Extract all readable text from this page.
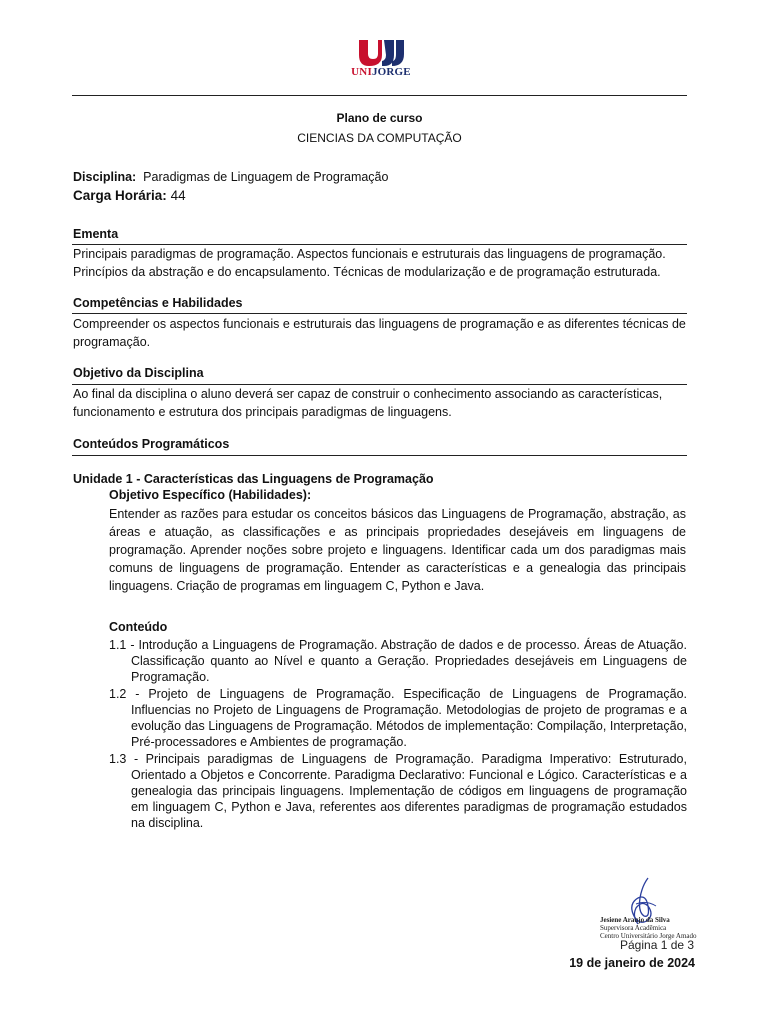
UNIJORGE
Plano de curso
CIENCIAS DA COMPUTAÇÃO
Disciplina: Paradigmas de Linguagem de Programação
Carga Horária: 44
Ementa
Principais paradigmas de programação. Aspectos funcionais e estruturais das linguagens de programação. Princípios da abstração e do encapsulamento. Técnicas de modularização e de programação estruturada.
Competências e Habilidades
Compreender os aspectos funcionais e estruturais das linguagens de programação e as diferentes técnicas de programação.
Objetivo da Disciplina
Ao final da disciplina o aluno deverá ser capaz de construir o conhecimento associando as características, funcionamento e estrutura dos principais paradigmas de linguagens.
Conteúdos Programáticos
Unidade 1 - Características das Linguagens de Programação
Objetivo Específico (Habilidades):
Entender as razões para estudar os conceitos básicos das Linguagens de Programação, abstração, as áreas e atuação, as classificações e as principais propriedades desejáveis em linguagens de programação. Aprender noções sobre projeto e linguagens. Identificar cada um dos paradigmas mais comuns de linguagens de programação. Entender as características e a genealogia das principais linguagens. Criação de programas em linguagem C, Python e Java.
Conteúdo

1.1 - Introdução a Linguagens de Programação. Abstração de dados e de processo. Áreas de Atuação. Classificação quanto ao Nível e quanto a Geração. Propriedades desejáveis em Linguagens de Programação.

1.2 - Projeto de Linguagens de Programação. Especificação de Linguagens de Programação. Influencias no Projeto de Linguagens de Programação. Metodologias de projeto de programas e a evolução das Linguagens de Programação. Métodos de implementação: Compilação, Interpretação, Pré-processadores e Ambientes de programação.

1.3 - Principais paradigmas de Linguagens de Programação. Paradigma Imperativo: Estruturado, Orientado a Objetos e Concorrente. Paradigma Declarativo: Funcional e Lógico. Características e a genealogia das principais linguagens. Implementação de códigos em linguagens de programação em linguagem C, Python e Java, referentes aos diferentes paradigmas de programação estudados na disciplina.

Jesiene Araujo da Silva
Supervisora Acadêmica
Centro Universitário Jorge Amado
Página 1 de 3
19 de janeiro de 2024
